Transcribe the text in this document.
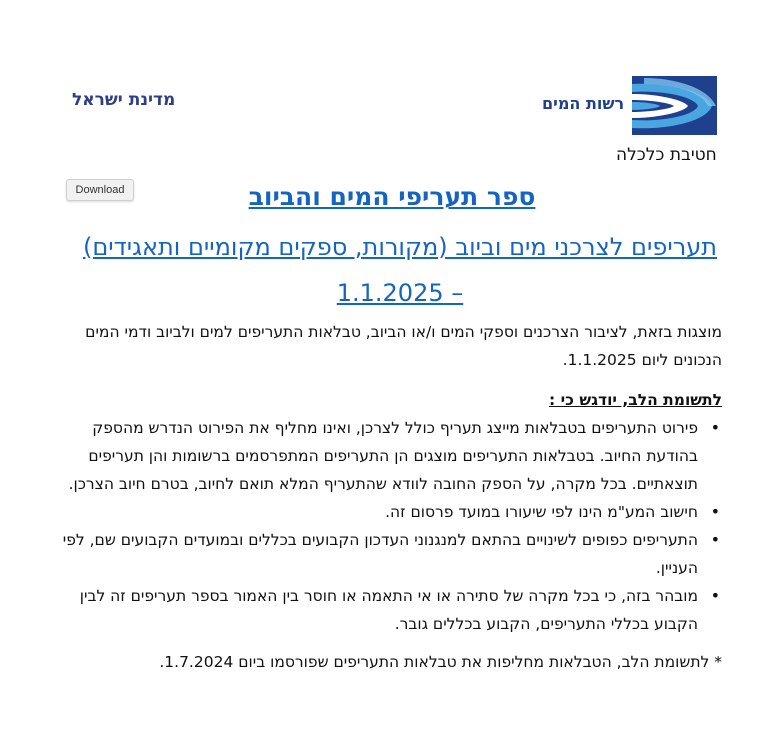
מדינת ישראל	רשות המים
חטיבת כלכלה
Download	ספר תעריפי המים והביוב
תעריפים לצרכני מים וביוב (מקורות, ספקים מקומיים ותאגידים) – 1.1.2025

מוצגות בזאת, לציבור הצרכנים וספקי המים ו/או הביוב, טבלאות התעריפים למים ולביוב ודמי המים הנכונים ליום 1.1.2025.

לתשומת הלב, יודגש כי :

• פירוט התעריפים בטבלאות מייצג תעריף כולל לצרכן, ואינו מחליף את הפירוט הנדרש מהספק בהודעת החיוב. בטבלאות התעריפים מוצגים הן התעריפים המתפרסמים ברשומות והן תעריפים תוצאתיים. בכל מקרה, על הספק החובה לוודא שהתעריף המלא תואם לחיוב, בטרם חיוב הצרכן.
• חישוב המע"מ הינו לפי שיעורו במועד פרסום זה.
• התעריפים כפופים לשינויים בהתאם למנגנוני העדכון הקבועים בכללים ובמועדים הקבועים שם, לפי העניין.
• מובהר בזה, כי בכל מקרה של סתירה או אי התאמה או חוסר בין האמור בספר תעריפים זה לבין הקבוע בכללי התעריפים, הקבוע בכללים גובר.

* לתשומת הלב, הטבלאות מחליפות את טבלאות התעריפים שפורסמו ביום 1.7.2024.
